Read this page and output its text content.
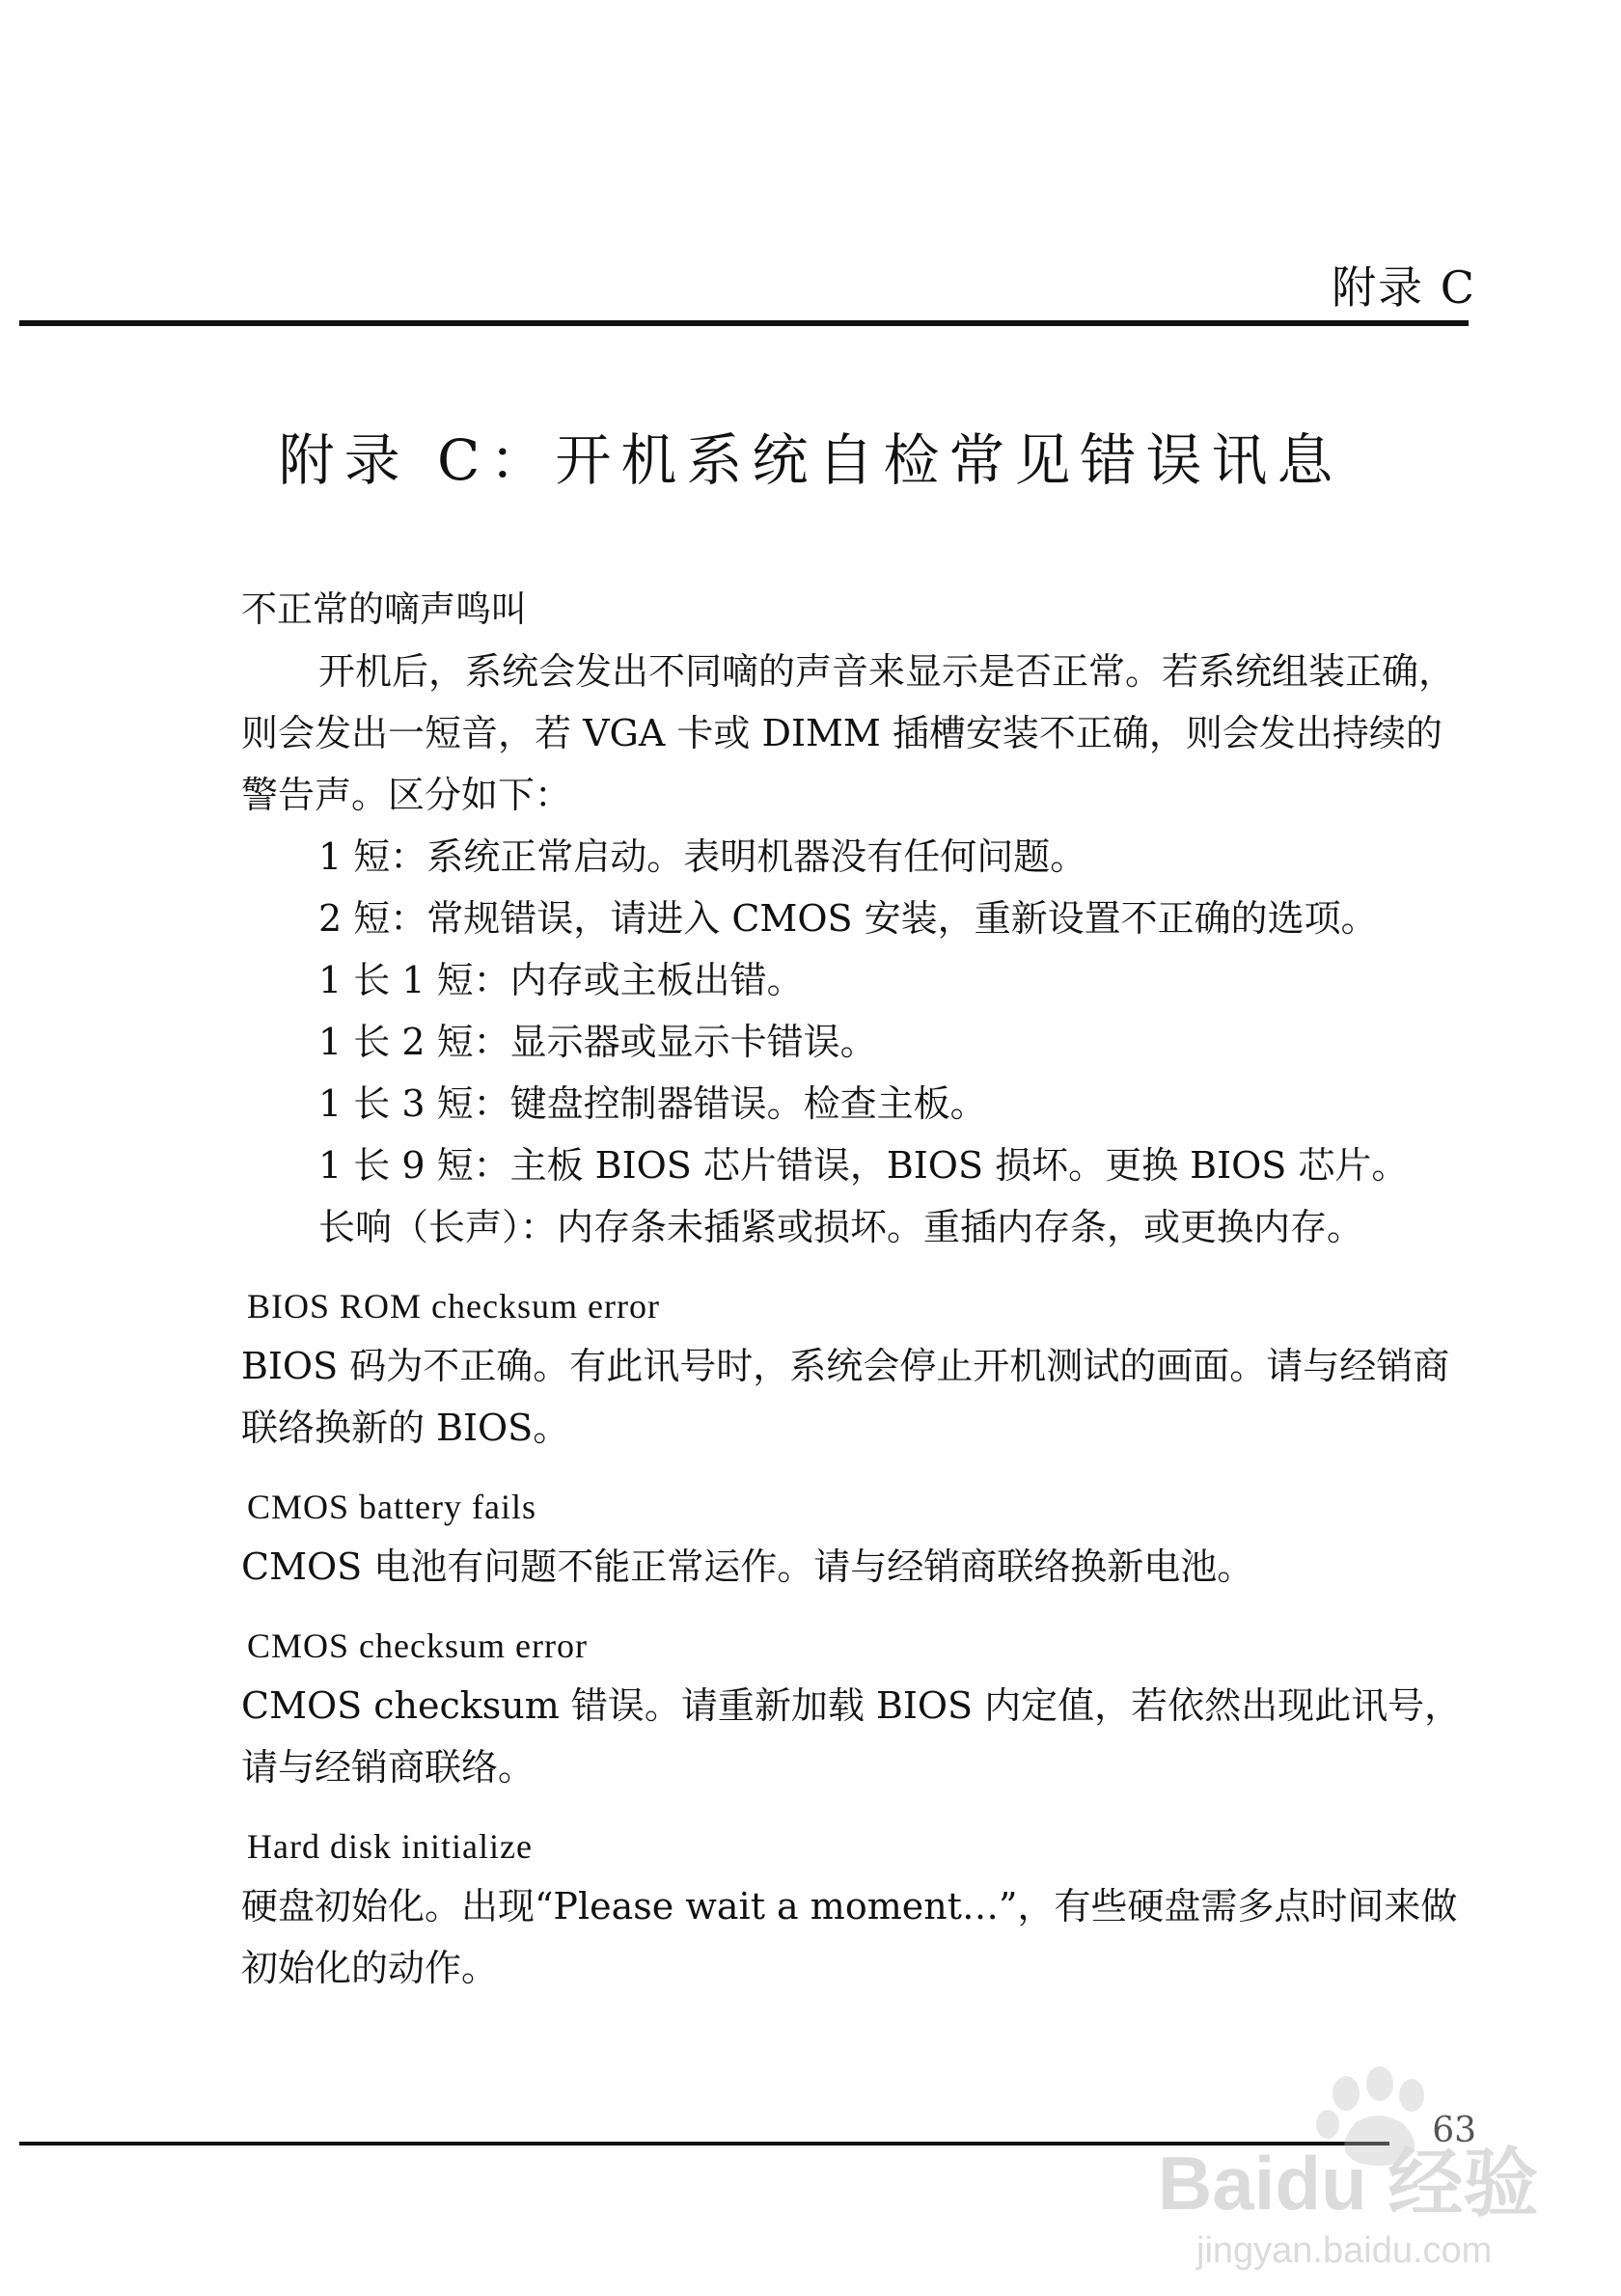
附录 C
附录 C：开机系统自检常见错误讯息

不正常的嘀声鸣叫

开机后，系统会发出不同嘀的声音来显示是否正常。若系统组装正确，则会发出一短音，若 VGA 卡或 DIMM 插槽安装不正确，则会发出持续的警告声。区分如下：

1 短：系统正常启动。表明机器没有任何问题。

2 短：常规错误，请进入 CMOS 安装，重新设置不正确的选项。

1 长 1 短：内存或主板出错。

1 长 2 短：显示器或显示卡错误。

1 长 3 短：键盘控制器错误。检查主板。

1 长 9 短：主板 BIOS 芯片错误，BIOS 损坏。更换 BIOS 芯片。

长响（长声）：内存条未插紧或损坏。重插内存条，或更换内存。

BIOS ROM checksum error

BIOS 码为不正确。有此讯号时，系统会停止开机测试的画面。请与经销商联络换新的 BIOS。

CMOS battery fails

CMOS 电池有问题不能正常运作。请与经销商联络换新电池。

CMOS checksum error

CMOS checksum 错误。请重新加载 BIOS 内定值，若依然出现此讯号，请与经销商联络。

Hard disk initialize

硬盘初始化。出现“Please wait a moment…”，有些硬盘需多点时间来做初始化的动作。

63
Baidu 经验
jingyan.baidu.com
